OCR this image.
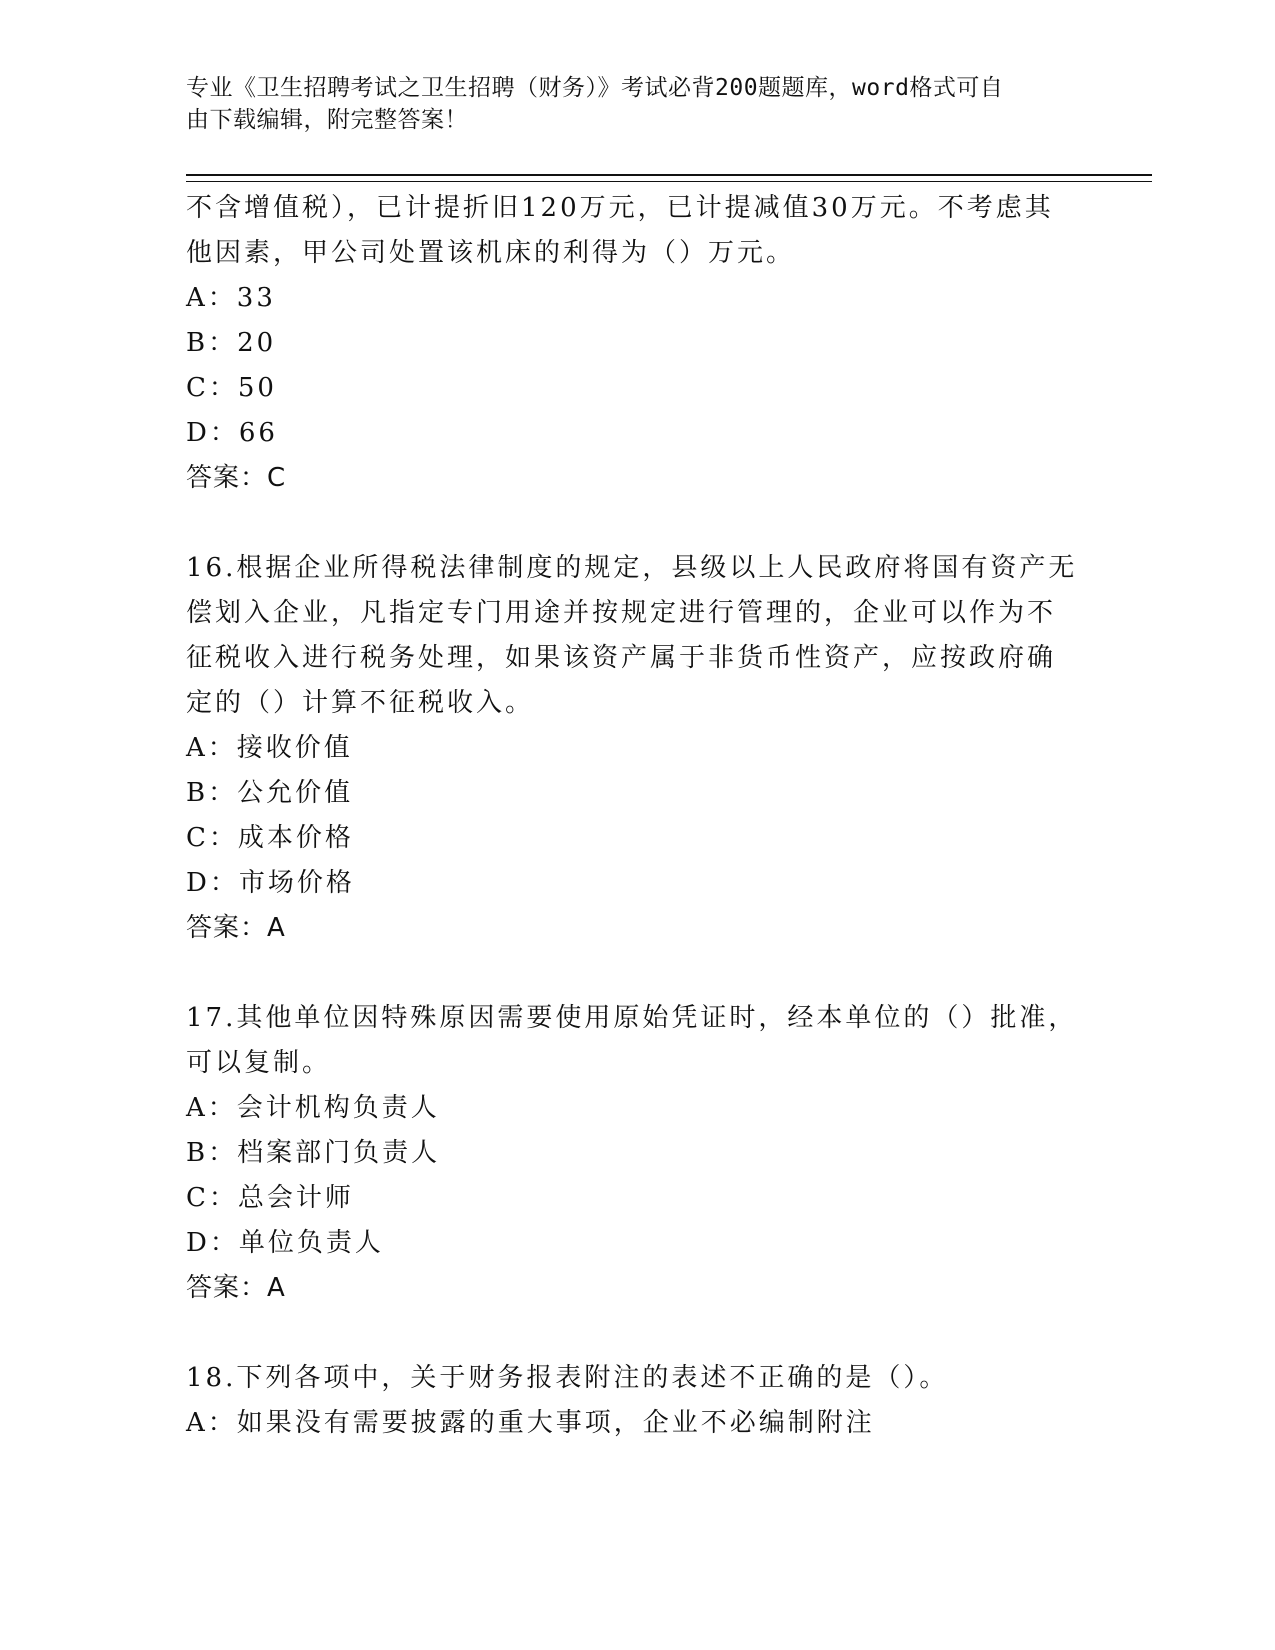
专业《卫生招聘考试之卫生招聘（财务）》考试必背200题题库，word格式可自
由下载编辑，附完整答案！

不含增值税），已计提折旧120万元，已计提减值30万元。不考虑其

他因素，甲公司处置该机床的利得为（）万元。

A：33

B：20

C：50

D：66

答案：C

16.根据企业所得税法律制度的规定，县级以上人民政府将国有资产无

偿划入企业，凡指定专门用途并按规定进行管理的，企业可以作为不

征税收入进行税务处理，如果该资产属于非货币性资产，应按政府确

定的（）计算不征税收入。

A：接收价值

B：公允价值

C：成本价格

D：市场价格

答案：A

17.其他单位因特殊原因需要使用原始凭证时，经本单位的（）批准，

可以复制。

A：会计机构负责人

B：档案部门负责人

C：总会计师

D：单位负责人

答案：A

18.下列各项中，关于财务报表附注的表述不正确的是（）。

A：如果没有需要披露的重大事项，企业不必编制附注
